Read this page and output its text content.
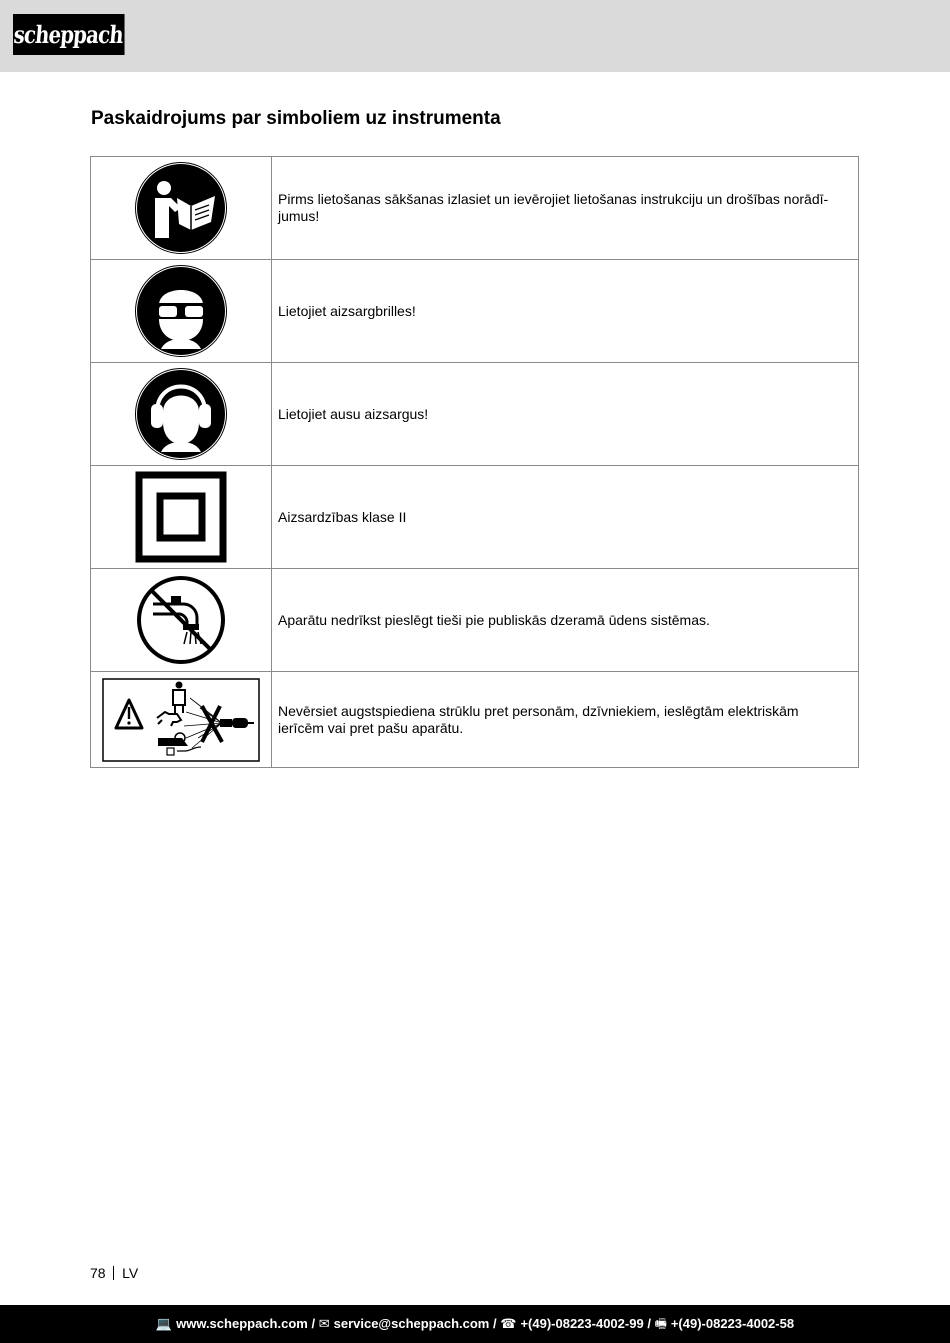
scheppach
Paskaidrojums par simboliem uz instrumenta
	Pirms lietošanas sākšanas izlasiet un ievērojiet lietošanas instrukciju un drošības norādī-jumus!

	Lietojiet aizsargbrilles!

	Lietojiet ausu aizsargus!

	Aizsardzības klase II

	Aparātu nedrīkst pieslēgt tieši pie publiskās dzeramā ūdens sistēmas.

	Nevērsiet augstspiediena strūklu pret personām, dzīvniekiem, ieslēgtām elektriskām ierīcēm vai pret pašu aparātu.
78 LV
💻 www.scheppach.com / ✉ service@scheppach.com / ☎ +(49)-08223-4002-99 / 🖷 +(49)-08223-4002-58
